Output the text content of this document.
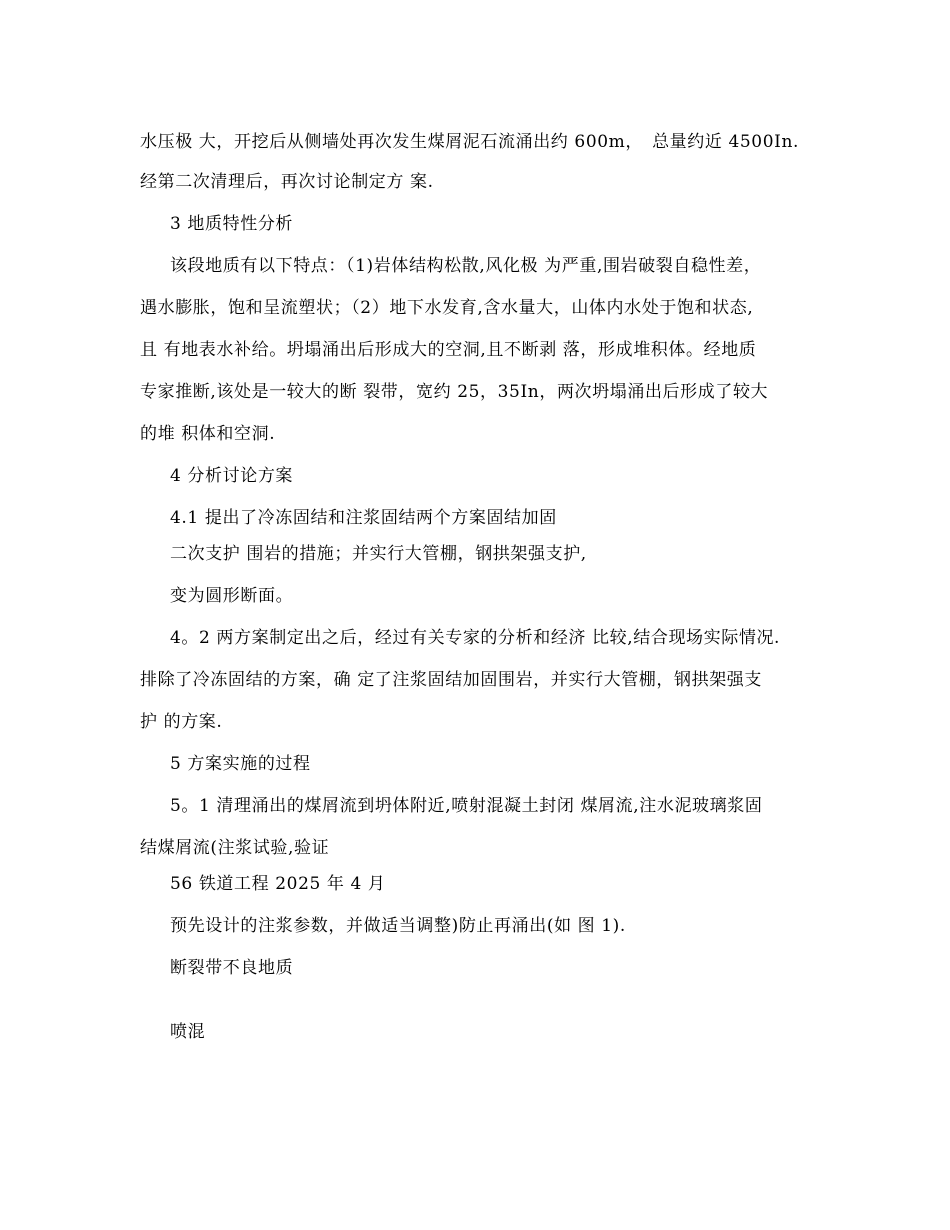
水压极 大，开挖后从侧墙处再次发生煤屑泥石流涌出约 600m，　总量约近 4500In.
经第二次清理后，再次讨论制定方 案.
3 地质特性分析
该段地质有以下特点：（1)岩体结构松散,风化极 为严重,围岩破裂自稳性差，
遇水膨胀，饱和呈流塑状；（2）地下水发育,含水量大，山体内水处于饱和状态,
且 有地表水补给。坍塌涌出后形成大的空洞,且不断剥 落，形成堆积体。经地质
专家推断,该处是一较大的断 裂带，宽约 25，35In，两次坍塌涌出后形成了较大
的堆 积体和空洞.
4 分析讨论方案
4.1 提出了冷冻固结和注浆固结两个方案固结加固
二次支护 围岩的措施；并实行大管棚，钢拱架强支护,
变为圆形断面。
4。2 两方案制定出之后，经过有关专家的分析和经济 比较,结合现场实际情况.
排除了冷冻固结的方案，确 定了注浆固结加固围岩，并实行大管棚，钢拱架强支
护 的方案.
5 方案实施的过程
5。1 清理涌出的煤屑流到坍体附近,喷射混凝土封闭 煤屑流,注水泥玻璃浆固
结煤屑流(注浆试验,验证
56 铁道工程 2025 年 4 月
预先设计的注浆参数，并做适当调整)防止再涌出(如 图 1).
断裂带不良地质
喷混
